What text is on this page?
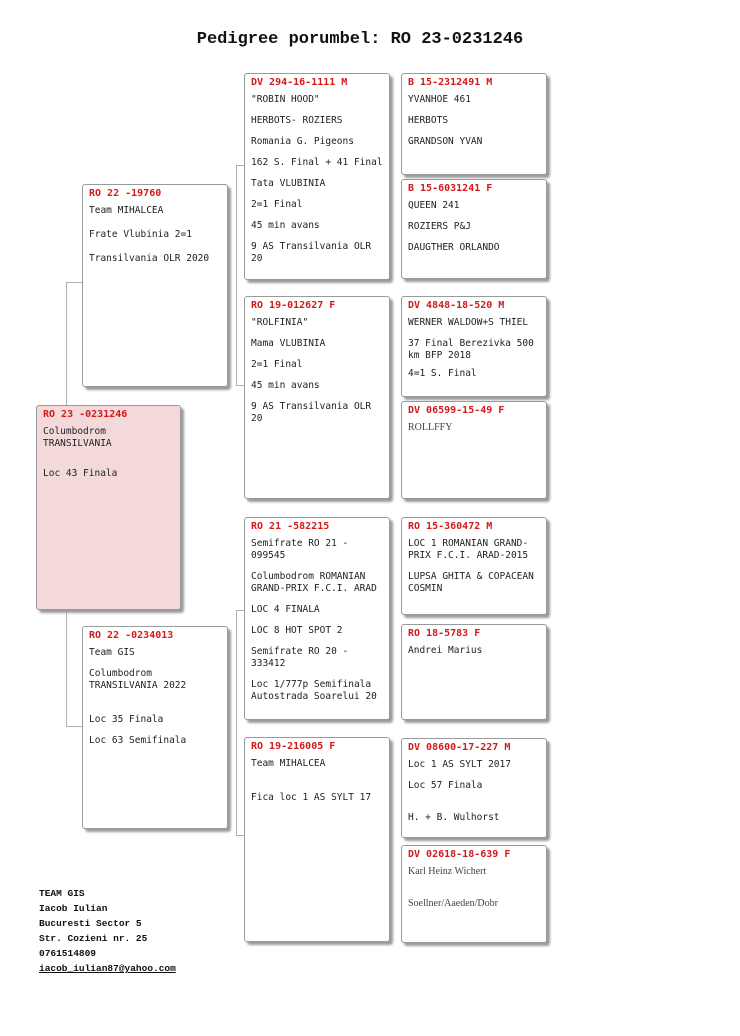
Pedigree porumbel: RO 23-0231246
RO 23 -0231246
Columbodrom TRANSILVANIA
Loc 43 Finala
RO 22 -19760
Team MIHALCEA
Frate Vlubinia 2=1
Transilvania OLR 2020
RO 22 -0234013
Team GIS
Columbodrom TRANSILVANIA 2022
Loc 35 Finala
Loc 63 Semifinala
DV 294-16-1111 M
"ROBIN HOOD"
HERBOTS- ROZIERS
Romania G. Pigeons
162 S. Final + 41 Final
Tata VLUBINIA
2=1 Final
45 min avans
9 AS Transilvania OLR 20
RO 19-012627 F
"ROLFINIA"
Mama VLUBINIA
2=1 Final
45 min avans
9 AS Transilvania OLR 20
RO 21 -582215
Semifrate RO 21 - 099545
Columbodrom ROMANIAN GRAND-PRIX F.C.I. ARAD
LOC 4 FINALA
LOC 8 HOT SPOT 2
Semifrate RO 20 - 333412
Loc 1/777p Semifinala Autostrada Soarelui 20
RO 19-216005 F
Team MIHALCEA
Fica loc 1 AS SYLT 17
B 15-2312491 M
YVANHOE 461
HERBOTS
GRANDSON YVAN
B 15-6031241 F
QUEEN 241
ROZIERS P&J
DAUGTHER ORLANDO
DV 4848-18-520 M
WERNER WALDOW+S THIEL
37 Final Berezivka 500 km BFP 2018
4=1 S. Final
DV 06599-15-49 F
ROLLFFY
RO 15-360472 M
LOC 1 ROMANIAN GRAND-PRIX F.C.I. ARAD-2015
LUPSA GHITA & COPACEAN COSMIN
RO 18-5783 F
Andrei Marius
DV 08600-17-227 M
Loc 1 AS SYLT 2017
Loc 57 Finala
H. + B. Wulhorst
DV 02618-18-639 F
Karl Heinz Wichert
Soellner/Aaeden/Dobr
TEAM GIS
Iacob Iulian
Bucuresti Sector 5
Str. Cozieni nr. 25
0761514809
iacob_iulian87@yahoo.com
